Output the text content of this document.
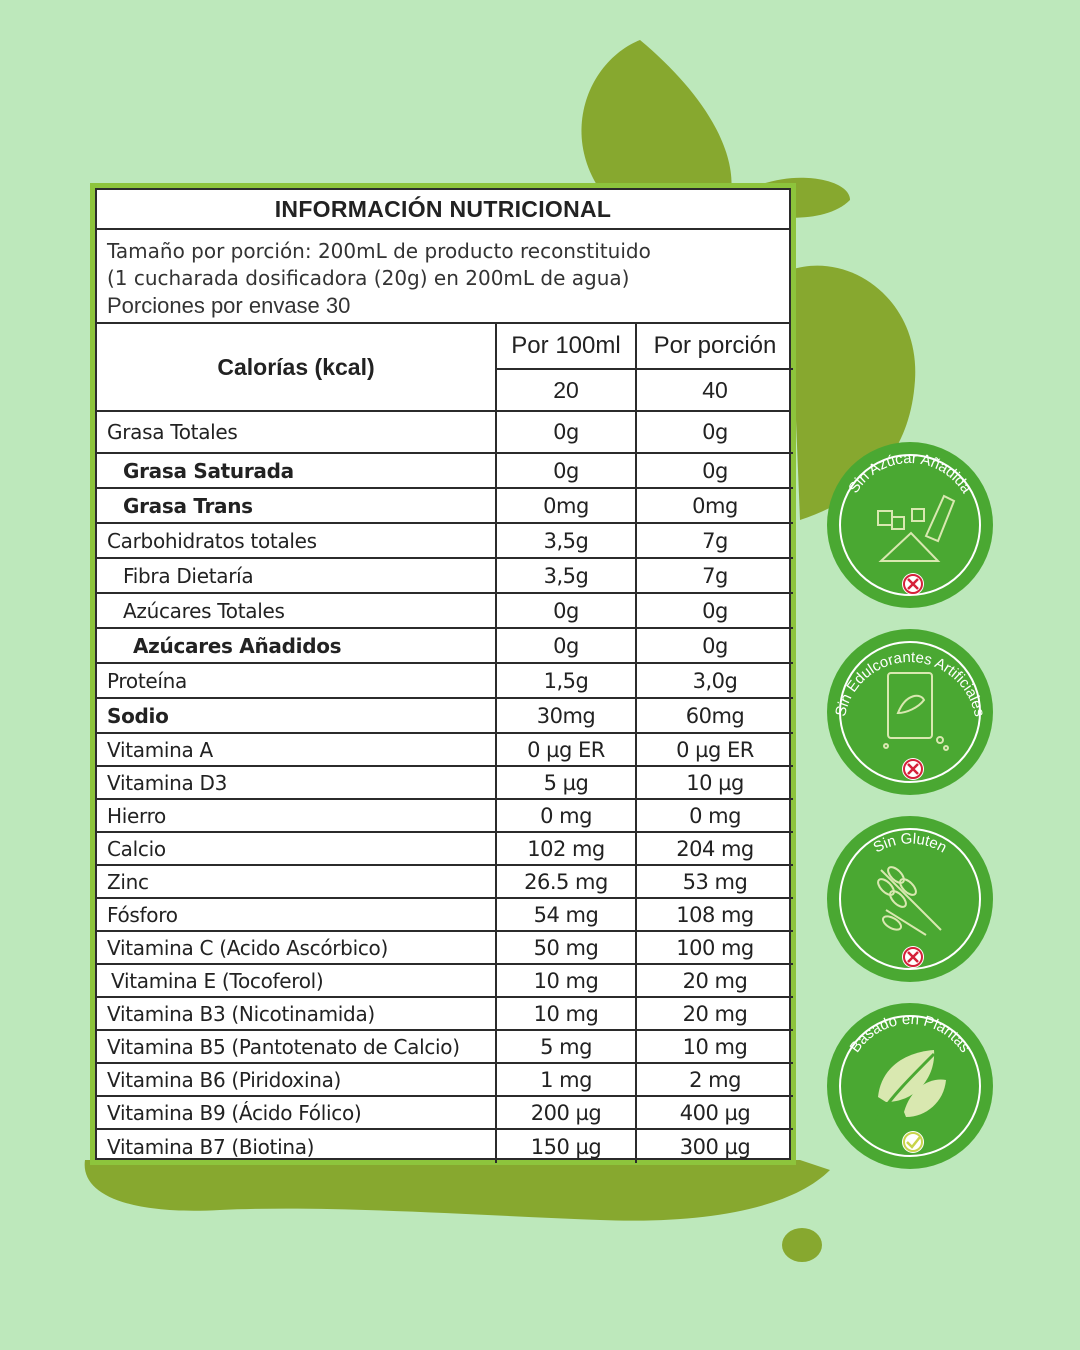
INFORMACIÓN NUTRICIONAL
Tamaño por porción: 200mL de producto reconstituido
(1 cucharada dosificadora (20g) en 200mL de agua)
Porciones por envase 30
Calorías (kcal)
Por 100ml	Por porción
20	40
Grasa Totales	0g	0g
Grasa Saturada	0g	0g
Grasa Trans	0mg	0mg
Carbohidratos totales	3,5g	7g
Fibra Dietaría	3,5g	7g
Azúcares Totales	0g	0g
Azúcares Añadidos	0g	0g
Proteína	1,5g	3,0g
Sodio	30mg	60mg
Vitamina A	0 µg ER	0 µg ER
Vitamina D3	5 µg	10 µg
Hierro	0 mg	0 mg
Calcio	102 mg	204 mg
Zinc	26.5 mg	53 mg
Fósforo	54 mg	108 mg
Vitamina C (Acido Ascórbico)	50 mg	100 mg
Vitamina E (Tocoferol)	10 mg	20 mg
Vitamina B3 (Nicotinamida)	10 mg	20 mg
Vitamina B5 (Pantotenato de Calcio)	5 mg	10 mg
Vitamina B6 (Piridoxina)	1 mg	2 mg
Vitamina B9 (Ácido Fólico)	200 µg	400 µg
Vitamina B7 (Biotina)	150 µg	300 µg
Sin Azúcar Añadida
Sin Edulcorantes Artificiales
Sin Gluten
Basado en Plantas
